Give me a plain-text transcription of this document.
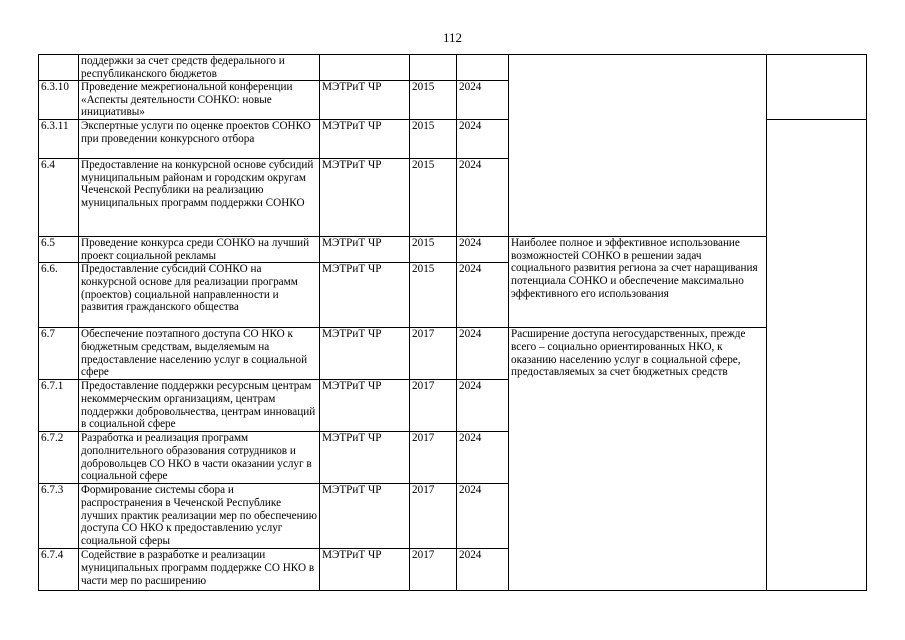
112
	поддержки за счет средств федерального и республиканского бюджетов					
6.3.10	Проведение межрегиональной конференции «Аспекты деятельности СОНКО: новые инициативы»	МЭТРиТ ЧР	2015	2024		
6.3.11	Экспертные услуги по оценке проектов СОНКО при проведении конкурсного отбора	МЭТРиТ ЧР	2015	2024		
6.4	Предоставление на конкурсной основе субсидий муниципальным районам и городским округам Чеченской Республики на реализацию муниципальных программ поддержки СОНКО	МЭТРиТ ЧР	2015	2024		
6.5	Проведение конкурса среди СОНКО на лучший проект социальной рекламы	МЭТРиТ ЧР	2015	2024	Наиболее полное и эффективное использование возможностей СОНКО в решении задач социального развития региона за счет наращивания потенциала СОНКО и обеспечение максимально эффективного его использования	
6.6.	Предоставление субсидий СОНКО на конкурсной основе для реализации программ (проектов) социальной направленности и развития гражданского общества	МЭТРиТ ЧР	2015	2024		
6.7	Обеспечение поэтапного доступа СО НКО к бюджетным средствам, выделяемым на предоставление населению услуг в социальной сфере	МЭТРиТ ЧР	2017	2024	Расширение доступа негосударственных, прежде всего – социально ориентированных НКО, к оказанию населению услуг в социальной сфере, предоставляемых за счет бюджетных средств	
6.7.1	Предоставление поддержки ресурсным центрам некоммерческим организациям, центрам поддержки добровольчества, центрам инноваций в социальной сфере	МЭТРиТ ЧР	2017	2024		
6.7.2	Разработка и реализация программ дополнительного образования сотрудников и добровольцев СО НКО в части оказании услуг в социальной сфере	МЭТРиТ ЧР	2017	2024		
6.7.3	Формирование системы сбора и распространения в Чеченской Республике лучших практик реализации мер по обеспечению доступа СО НКО к предоставлению услуг социальной сферы	МЭТРиТ ЧР	2017	2024		
6.7.4	Содействие в разработке и реализации муниципальных программ поддержке СО НКО в части мер по расширению	МЭТРиТ ЧР	2017	2024		
